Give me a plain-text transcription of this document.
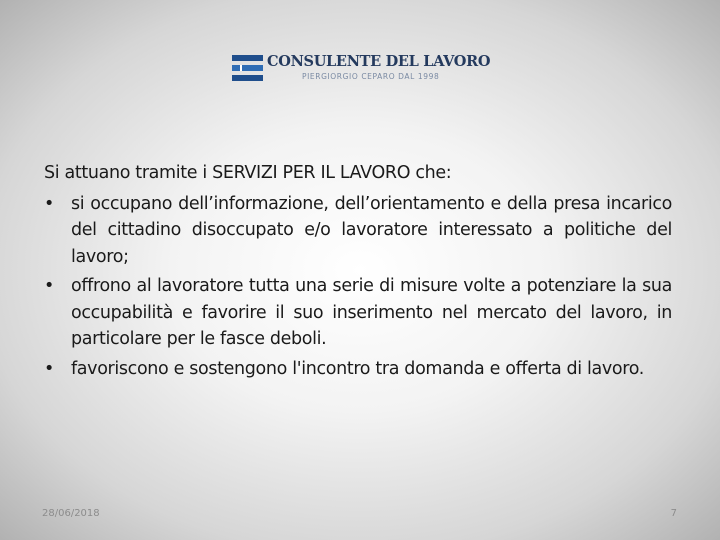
CONSULENTE DEL LAVORO
PIERGIORGIO CEPARO DAL 1998

Si attuano tramite i SERVIZI PER IL LAVORO che:

• si occupano dell’informazione, dell’orientamento e della presa incarico del cittadino disoccupato e/o lavoratore interessato a politiche del lavoro;
• offrono al lavoratore tutta una serie di misure volte a potenziare la sua occupabilità e favorire il suo inserimento nel mercato del lavoro, in particolare per le fasce deboli.
• favoriscono e sostengono l'incontro tra domanda e offerta di lavoro.
28/06/2018	7
